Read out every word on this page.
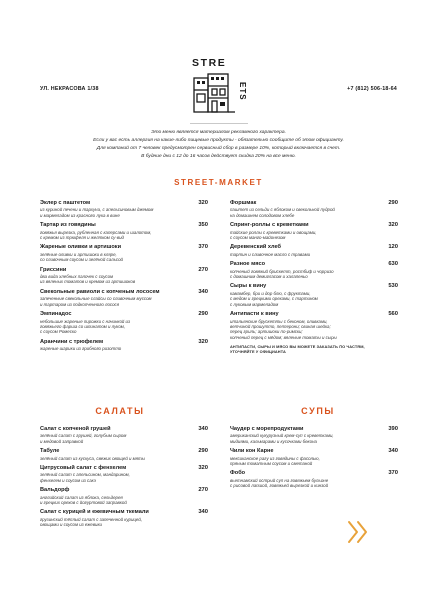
УЛ. НЕКРАСОВА 1/38	+7 (812) 506-18-64
STRE
ETS
Это меню является материалом рекламного характера.
Если у вас есть аллергия на какие-либо пищевые продукты - обязательно сообщите об этом официанту.
Для компаний от 7 человек предусмотрен сервисный сбор в размере 10%, который включается в счет.
В будние дни с 12 до 16 часов действует скидка 20% на все меню.
STREET-MARKET
Эклер с паштетом	320
из куриной печени и тархуна, с апельсиновым джемом
и мармеладом из красного лука в вине
Тартар из говядины	350
говяжья вырезка, рубленная с каперсами и шалотом,
с кремом из трюфеля и желтком су-вид
Жареные оливки и артишоки	370
зелёные оливки и артишоки в кляре,
со сливочным соусом и зелёной сальсой
Гриссини	270
два вида хлебных палочек с соусом
из вяленых томатов и кремом из артишоков
Свекольные равиоли с копченым лососем	340
запеченные свекольные слайсы со сливочным муссом
и тартаром из подкопченного лосося
Эмпинадос	290
небольшие жареные пирожки с начинкой из
говяжьего фарша со шпинатом и луком,
с соусом Ромеско
Аранчини с трюфелем	320
жареные шарики из грибного ризотто
Форшмак	290
паштет из сельди с яблоком и свекольной пудрой
на домашнем солодовом хлебе
Спринг-роллы с креветками	320
тайские роллы с креветками и овощами,
с соусом манго-майонезом
Деревенский хлеб	120
тартин и сливочное масло с травами
Разное мясо	630
копченый говяжий брискетт, ростбиф и чорризо
с домашним демигласом и халапеньо
Сыры к вину	530
камамбер, бри и дор блю, с фруктами,
с медом и грецкими орехами, с тартином
с луковым мармеладом
Антипасти к вину	560
итальянские брускетты с беконом, оливками,
ветчиной прошутто, пепперони; свиная шейка;
перец гриль; артишоки по-римски;
копченый перец с мёдом; вяленые томаты и сыры
АНТИПАСТИ, СЫРЫ И МЯСО ВЫ МОЖЕТЕ ЗАКАЗАТЬ ПО ЧАСТЯМ,
УТОЧНЯЙТЕ У ОФИЦИАНТА
САЛАТЫ	СУПЫ
Салат с копченой грушей	340
зелёный салат с грушей, голубым сыром
и медовой заправкой
Табуле	290
зелёный салат из кускуса, свежих овощей и мяты
Цитрусовый салат с фенхелем	320
зелёный салат с апельсином, мандарином,
фенхелем и соусом из сакэ
Вальдорф	270
английский салат из яблока, сельдерея
и грецких орехов с йогуртовой заправкой
Салат с курицей и ежевичным ткемали	340
грузинский тёплый салат с запеченной курицей,
овощами и соусом из ежевики
Чаудер с морепродуктами	390
американский кукурузный крем-суп с креветками,
мидиями, кальмарами и кусочками бекона
Чили кон Карне	340
мексиканское рагу из говядины с фасолью,
пряным томатным соусом и сметаной
Фобо	370
вьетнамский острый суп на говяжьем бульоне
с рисовой лапшой, говяжьей вырезкой и кинзой
